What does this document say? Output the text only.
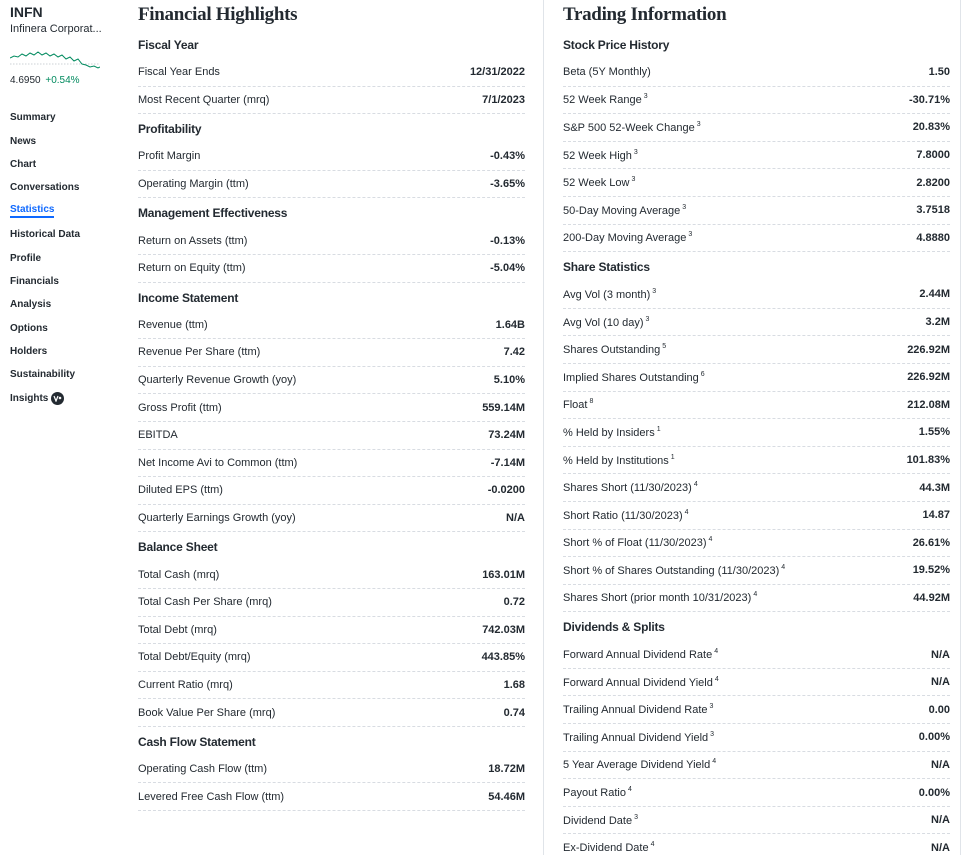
INFN
Infinera Corporat...
4.6950 +0.54%
Summary
News
Chart
Conversations
Statistics
Historical Data
Profile
Financials
Analysis
Options
Holders
Sustainability
Insights
Financial Highlights
Fiscal Year
Fiscal Year Ends	12/31/2022
Most Recent Quarter (mrq)	7/1/2023
Profitability
Profit Margin	-0.43%
Operating Margin (ttm)	-3.65%
Management Effectiveness
Return on Assets (ttm)	-0.13%
Return on Equity (ttm)	-5.04%
Income Statement
Revenue (ttm)	1.64B
Revenue Per Share (ttm)	7.42
Quarterly Revenue Growth (yoy)	5.10%
Gross Profit (ttm)	559.14M
EBITDA	73.24M
Net Income Avi to Common (ttm)	-7.14M
Diluted EPS (ttm)	-0.0200
Quarterly Earnings Growth (yoy)	N/A
Balance Sheet
Total Cash (mrq)	163.01M
Total Cash Per Share (mrq)	0.72
Total Debt (mrq)	742.03M
Total Debt/Equity (mrq)	443.85%
Current Ratio (mrq)	1.68
Book Value Per Share (mrq)	0.74
Cash Flow Statement
Operating Cash Flow (ttm)	18.72M
Levered Free Cash Flow (ttm)	54.46M
Trading Information
Stock Price History
Beta (5Y Monthly)	1.50
52 Week Range $^3$	-30.71%
S&P 500 52-Week Change $^3$	20.83%
52 Week High $^3$	7.8000
52 Week Low $^3$	2.8200
50-Day Moving Average $^3$	3.7518
200-Day Moving Average $^3$	4.8880
Share Statistics
Avg Vol (3 month) $^3$	2.44M
Avg Vol (10 day) $^3$	3.2M
Shares Outstanding $^5$	226.92M
Implied Shares Outstanding $^6$	226.92M
Float $^8$	212.08M
% Held by Insiders $^1$	1.55%
% Held by Institutions $^1$	101.83%
Shares Short (11/30/2023) $^4$	44.3M
Short Ratio (11/30/2023) $^4$	14.87
Short % of Float (11/30/2023) $^4$	26.61%
Short % of Shares Outstanding (11/30/2023) $^4$	19.52%
Shares Short (prior month 10/31/2023) $^4$	44.92M
Dividends & Splits
Forward Annual Dividend Rate $^4$	N/A
Forward Annual Dividend Yield $^4$	N/A
Trailing Annual Dividend Rate $^3$	0.00
Trailing Annual Dividend Yield $^3$	0.00%
5 Year Average Dividend Yield $^4$	N/A
Payout Ratio $^4$	0.00%
Dividend Date $^3$	N/A
Ex-Dividend Date $^4$	N/A
